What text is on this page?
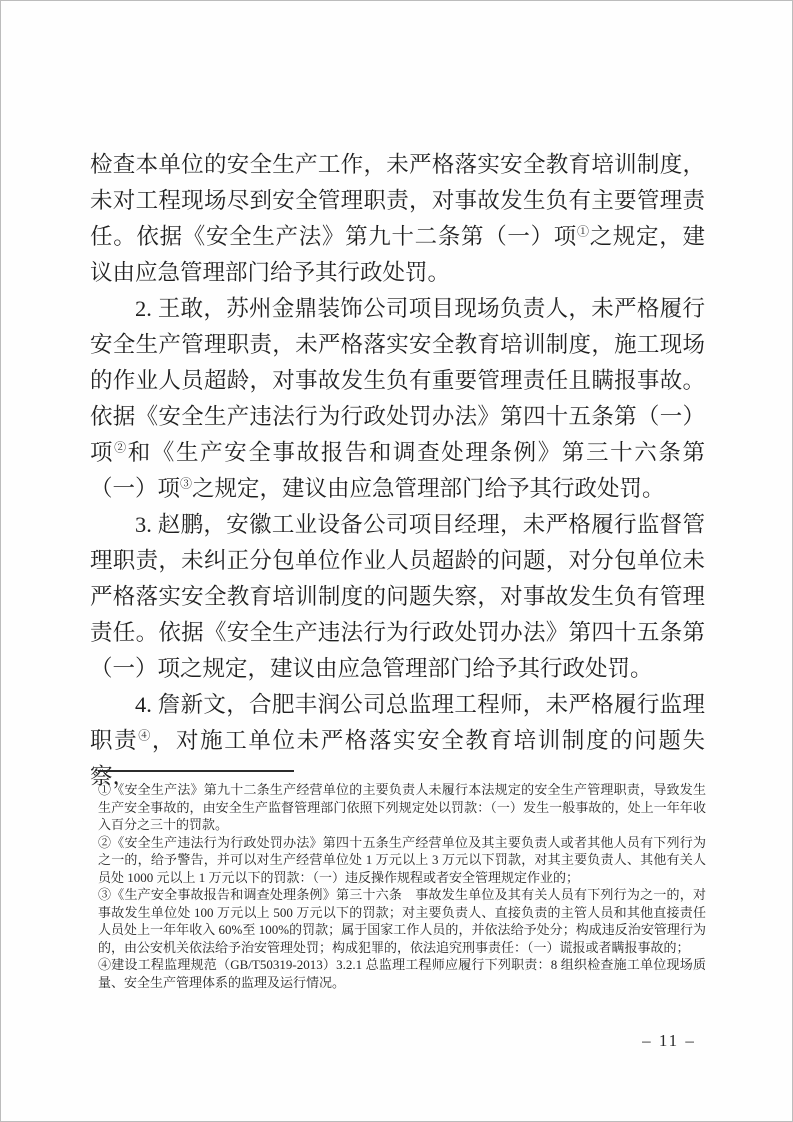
检查本单位的安全生产工作，未严格落实安全教育培训制度，未对工程现场尽到安全管理职责，对事故发生负有主要管理责任。依据《安全生产法》第九十二条第（一）项①之规定，建议由应急管理部门给予其行政处罚。

2. 王敢，苏州金鼎装饰公司项目现场负责人，未严格履行安全生产管理职责，未严格落实安全教育培训制度，施工现场的作业人员超龄，对事故发生负有重要管理责任且瞒报事故。依据《安全生产违法行为行政处罚办法》第四十五条第（一）项②和《生产安全事故报告和调查处理条例》第三十六条第（一）项③之规定，建议由应急管理部门给予其行政处罚。

3. 赵鹏，安徽工业设备公司项目经理，未严格履行监督管理职责，未纠正分包单位作业人员超龄的问题，对分包单位未严格落实安全教育培训制度的问题失察，对事故发生负有管理责任。依据《安全生产违法行为行政处罚办法》第四十五条第（一）项之规定，建议由应急管理部门给予其行政处罚。

4. 詹新文，合肥丰润公司总监理工程师，未严格履行监理职责④，对施工单位未严格落实安全教育培训制度的问题失察，

①《安全生产法》第九十二条生产经营单位的主要负责人未履行本法规定的安全生产管理职责，导致发生生产安全事故的，由安全生产监督管理部门依照下列规定处以罚款：（一）发生一般事故的，处上一年年收入百分之三十的罚款。

②《安全生产违法行为行政处罚办法》第四十五条生产经营单位及其主要负责人或者其他人员有下列行为之一的，给予警告，并可以对生产经营单位处 1 万元以上 3 万元以下罚款，对其主要负责人、其他有关人员处 1000 元以上 1 万元以下的罚款：（一）违反操作规程或者安全管理规定作业的；

③《生产安全事故报告和调查处理条例》第三十六条　事故发生单位及其有关人员有下列行为之一的，对事故发生单位处 100 万元以上 500 万元以下的罚款；对主要负责人、直接负责的主管人员和其他直接责任人员处上一年年收入 60%至 100%的罚款；属于国家工作人员的，并依法给予处分；构成违反治安管理行为的，由公安机关依法给予治安管理处罚；构成犯罪的，依法追究刑事责任：（一）谎报或者瞒报事故的；

④建设工程监理规范（GB/T50319-2013）3.2.1 总监理工程师应履行下列职责：8 组织检查施工单位现场质量、安全生产管理体系的监理及运行情况。

– 11 –
